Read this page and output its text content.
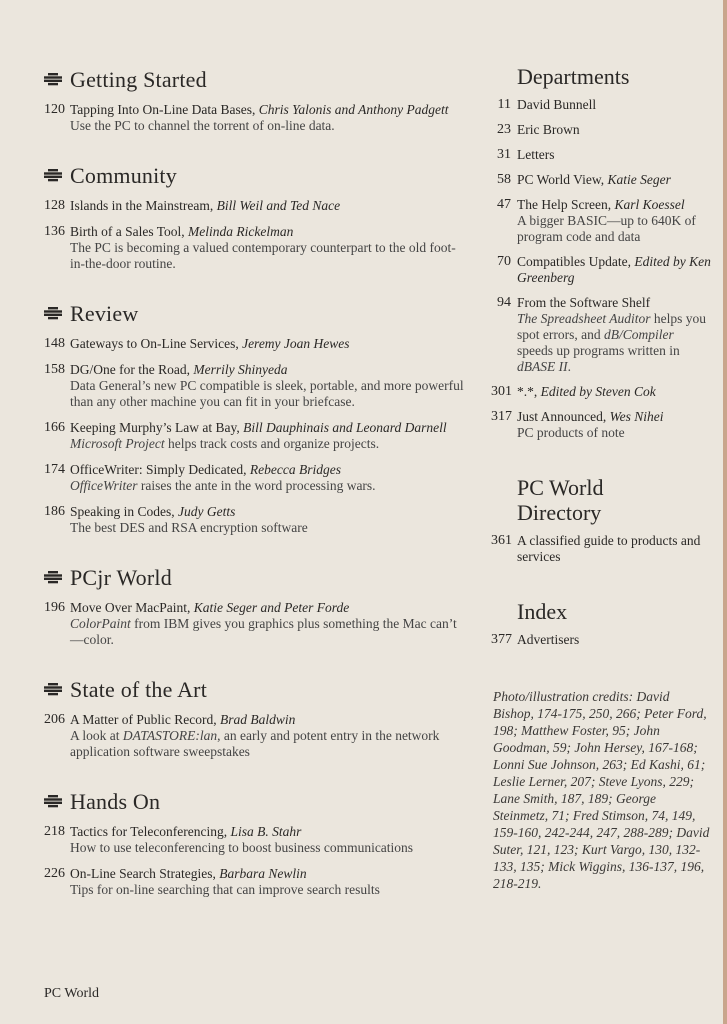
Getting Started
120 Tapping Into On-Line Data Bases, Chris Yalonis and Anthony Padgett
Use the PC to channel the torrent of on-line data.
Community
128 Islands in the Mainstream, Bill Weil and Ted Nace
136 Birth of a Sales Tool, Melinda Rickelman
The PC is becoming a valued contemporary counterpart to the old foot-in-the-door routine.
Review
148 Gateways to On-Line Services, Jeremy Joan Hewes
158 DG/One for the Road, Merrily Shinyeda
Data General’s new PC compatible is sleek, portable, and more powerful than any other machine you can fit in your briefcase.
166 Keeping Murphy’s Law at Bay, Bill Dauphinais and Leonard Darnell
Microsoft Project helps track costs and organize projects.
174 OfficeWriter: Simply Dedicated, Rebecca Bridges
OfficeWriter raises the ante in the word processing wars.
186 Speaking in Codes, Judy Getts
The best DES and RSA encryption software
PCjr World
196 Move Over MacPaint, Katie Seger and Peter Forde
ColorPaint from IBM gives you graphics plus something the Mac can’t—color.
State of the Art
206 A Matter of Public Record, Brad Baldwin
A look at DATASTORE:lan, an early and potent entry in the network application software sweepstakes
Hands On
218 Tactics for Teleconferencing, Lisa B. Stahr
How to use teleconferencing to boost business communications
226 On-Line Search Strategies, Barbara Newlin
Tips for on-line searching that can improve search results
Departments
11 David Bunnell
23 Eric Brown
31 Letters
58 PC World View, Katie Seger
47 The Help Screen, Karl Koessel
A bigger BASIC—up to 640K of program code and data
70 Compatibles Update, Edited by Ken Greenberg
94 From the Software Shelf
The Spreadsheet Auditor helps you spot errors, and dB/Compiler speeds up programs written in dBASE II.
301 *.*, Edited by Steven Cok
317 Just Announced, Wes Nihei
PC products of note
PC World
Directory
361 A classified guide to products and services
Index
377 Advertisers
Photo/illustration credits: David Bishop, 174-175, 250, 266; Peter Ford, 198; Matthew Foster, 95; John Goodman, 59; John Hersey, 167-168; Lonni Sue Johnson, 263; Ed Kashi, 61; Leslie Lerner, 207; Steve Lyons, 229; Lane Smith, 187, 189; George Steinmetz, 71; Fred Stimson, 74, 149, 159-160, 242-244, 247, 288-289; David Suter, 121, 123; Kurt Vargo, 130, 132-133, 135; Mick Wiggins, 136-137, 196, 218-219.
PC World
